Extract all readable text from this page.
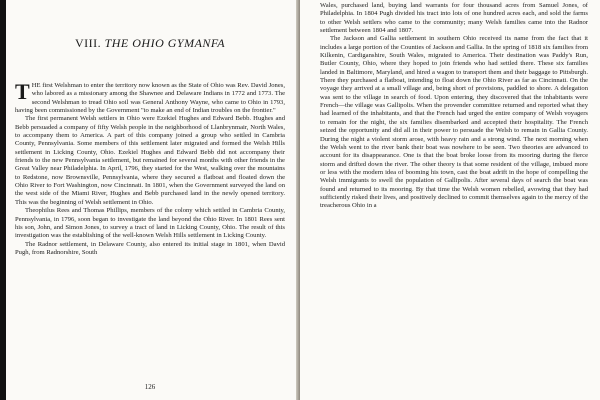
VIII. THE OHIO GYMANFA

THE first Welshman to enter the territory now known as the State of Ohio was Rev. David Jones, who labored as a missionary among the Shawnee and Delaware Indians in 1772 and 1773. The second Welshman to tread Ohio soil was General Anthony Wayne, who came to Ohio in 1793, having been commissioned by the Government "to make an end of Indian troubles on the frontier."

The first permanent Welsh settlers in Ohio were Ezekiel Hughes and Edward Bebb. Hughes and Bebb persuaded a company of fifty Welsh people in the neighborhood of Llanbrynmair, North Wales, to accompany them to America. A part of this company joined a group who settled in Cambria County, Pennsylvania. Some members of this settlement later migrated and formed the Welsh Hills settlement in Licking County, Ohio. Ezekiel Hughes and Edward Bebb did not accompany their friends to the new Pennsylvania settlement, but remained for several months with other friends in the Great Valley near Philadelphia. In April, 1796, they started for the West, walking over the mountains to Redstone, now Brownsville, Pennsylvania, where they secured a flatboat and floated down the Ohio River to Fort Washington, now Cincinnati. In 1801, when the Government surveyed the land on the west side of the Miami River, Hughes and Bebb purchased land in the newly opened territory. This was the beginning of Welsh settlement in Ohio.

Theophilus Rees and Thomas Phillips, members of the colony which settled in Cambria County, Pennsylvania, in 1796, soon began to investigate the land beyond the Ohio River. In 1801 Rees sent his son, John, and Simon Jones, to survey a tract of land in Licking County, Ohio. The result of this investigation was the establishing of the well-known Welsh Hills settlement in Licking County.

The Radnor settlement, in Delaware County, also entered its initial stage in 1801, when David Pugh, from Radnorshire, South

126

Wales, purchased land, buying land warrants for four thousand acres from Samuel Jones, of Philadelphia. In 1804 Pugh divided his tract into lots of one hundred acres each, and sold the farms to other Welsh settlers who came to the community; many Welsh families came into the Radnor settlement between 1804 and 1807.

The Jackson and Gallia settlement in southern Ohio received its name from the fact that it includes a large portion of the Counties of Jackson and Gallia. In the spring of 1818 six families from Kilkenin, Cardiganshire, South Wales, migrated to America. Their destination was Paddy's Run, Butler County, Ohio, where they hoped to join friends who had settled there. These six families landed in Baltimore, Maryland, and hired a wagon to transport them and their baggage to Pittsburgh. There they purchased a flatboat, intending to float down the Ohio River as far as Cincinnati. On the voyage they arrived at a small village and, being short of provisions, paddled to shore. A delegation was sent to the village in search of food. Upon entering, they discovered that the inhabitants were French—the village was Gallipolis. When the provender committee returned and reported what they had learned of the inhabitants, and that the French had urged the entire company of Welsh voyagers to remain for the night, the six families disembarked and accepted their hospitality. The French seized the opportunity and did all in their power to persuade the Welsh to remain in Gallia County. During the night a violent storm arose, with heavy rain and a strong wind. The next morning when the Welsh went to the river bank their boat was nowhere to be seen. Two theories are advanced to account for its disappearance. One is that the boat broke loose from its mooring during the fierce storm and drifted down the river. The other theory is that some resident of the village, imbued more or less with the modern idea of booming his town, cast the boat adrift in the hope of compelling the Welsh immigrants to swell the population of Gallipolis. After several days of search the boat was found and returned to its mooring. By that time the Welsh women rebelled, avowing that they had sufficiently risked their lives, and positively declined to commit themselves again to the mercy of the treacherous Ohio in a
